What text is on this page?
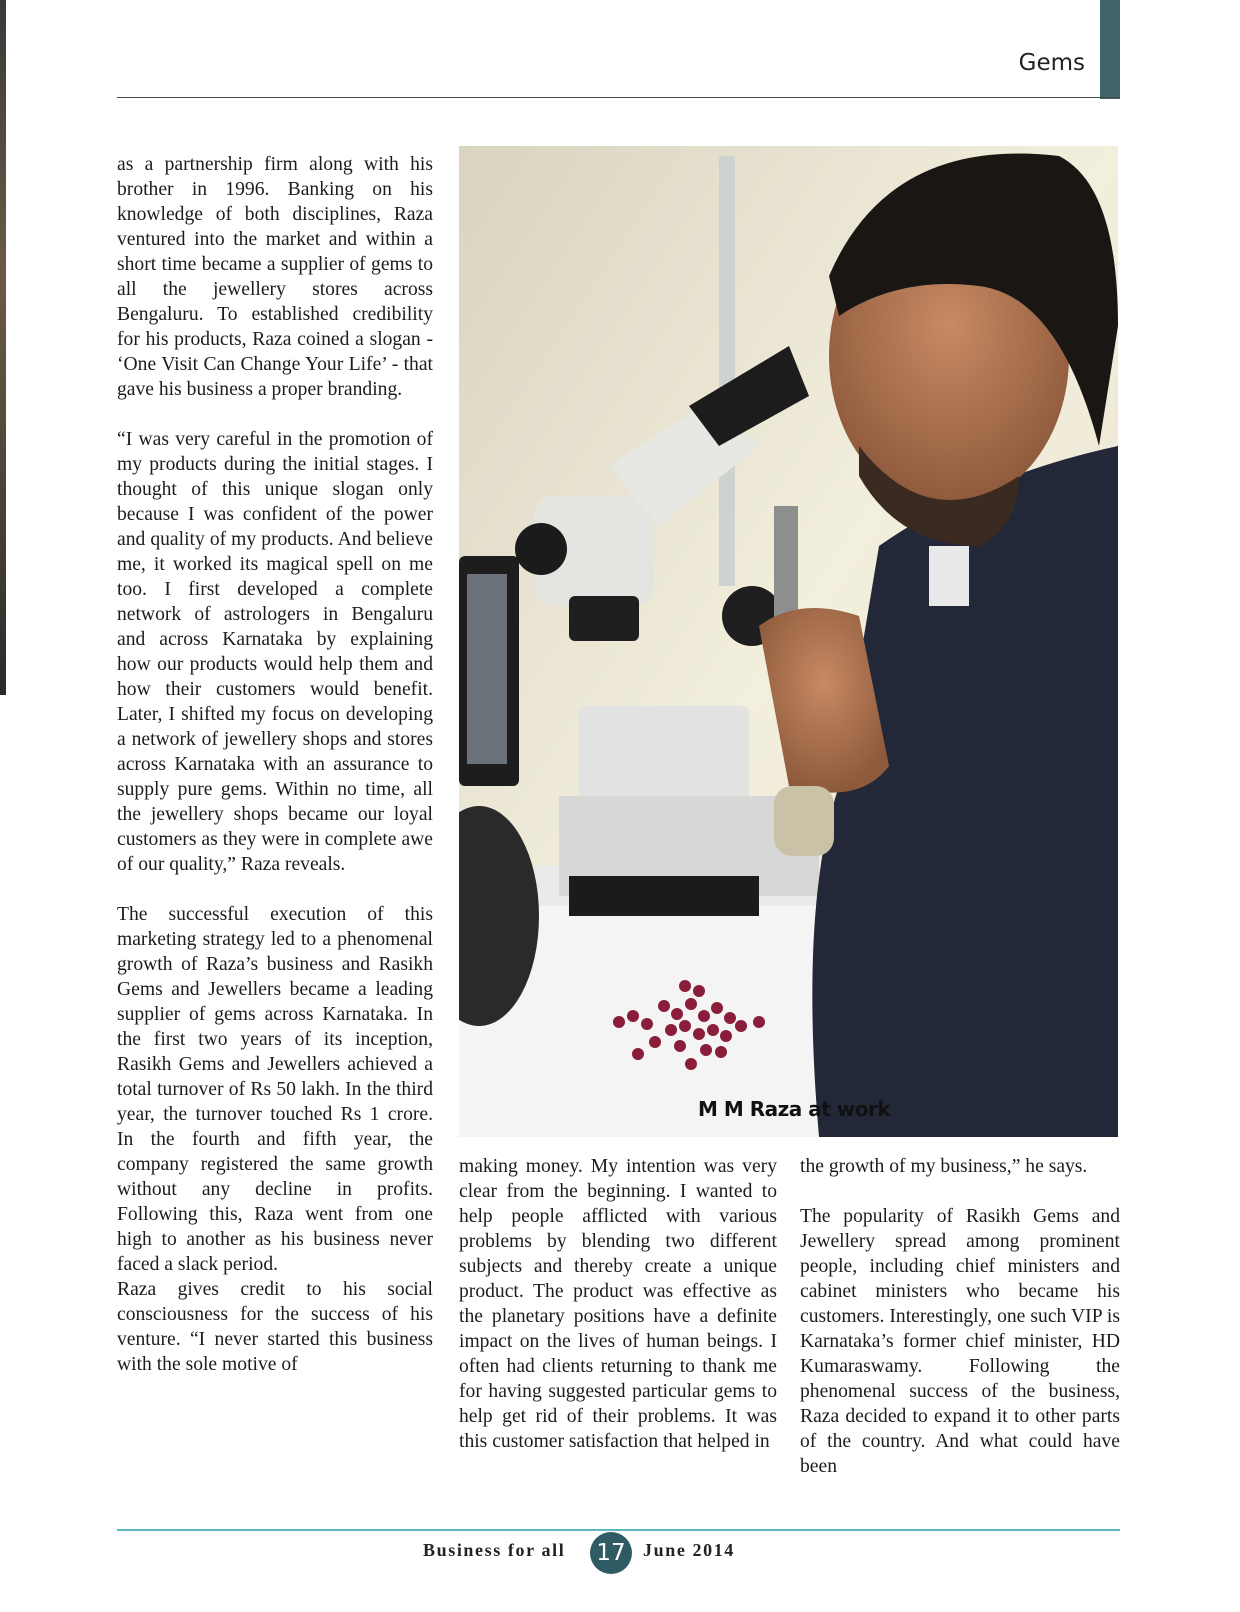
Gems

as a partnership firm along with his brother in 1996. Banking on his knowledge of both disciplines, Raza ventured into the market and within a short time became a supplier of gems to all the jewellery stores across Bengaluru. To established credibility for his products, Raza coined a slogan - ‘One Visit Can Change Your Life’ - that gave his business a proper branding.

“I was very careful in the promotion of my products during the initial stages. I thought of this unique slogan only because I was confident of the power and quality of my products. And believe me, it worked its magical spell on me too. I first developed a complete network of astrologers in Bengaluru and across Karnataka by explaining how our products would help them and how their customers would benefit. Later, I shifted my focus on developing a network of jewellery shops and stores across Karnataka with an assurance to supply pure gems. Within no time, all the jewellery shops became our loyal customers as they were in complete awe of our quality,” Raza reveals.

The successful execution of this marketing strategy led to a phenomenal growth of Raza’s business and Rasikh Gems and Jewellers became a leading supplier of gems across Karnataka. In the first two years of its inception, Rasikh Gems and Jewellers achieved a total turnover of Rs 50 lakh. In the third year, the turnover touched Rs 1 crore. In the fourth and fifth year, the company registered the same growth without any decline in profits. Following this, Raza went from one high to another as his business never faced a slack period.

Raza gives credit to his social consciousness for the success of his venture. “I never started this business with the sole motive of

M M Raza at work

making money. My intention was very clear from the beginning. I wanted to help people afflicted with various problems by blending two different subjects and thereby create a unique product. The product was effective as the planetary positions have a definite impact on the lives of human beings. I often had clients returning to thank me for having suggested particular gems to help get rid of their problems. It was this customer satisfaction that helped in

the growth of my business,” he says.

The popularity of Rasikh Gems and Jewellery spread among prominent people, including chief ministers and cabinet ministers who became his customers. Interestingly, one such VIP is Karnataka’s former chief minister, HD Kumaraswamy. Following the phenomenal success of the business, Raza decided to expand it to other parts of the country. And what could have been

Business for all 17 June 2014
